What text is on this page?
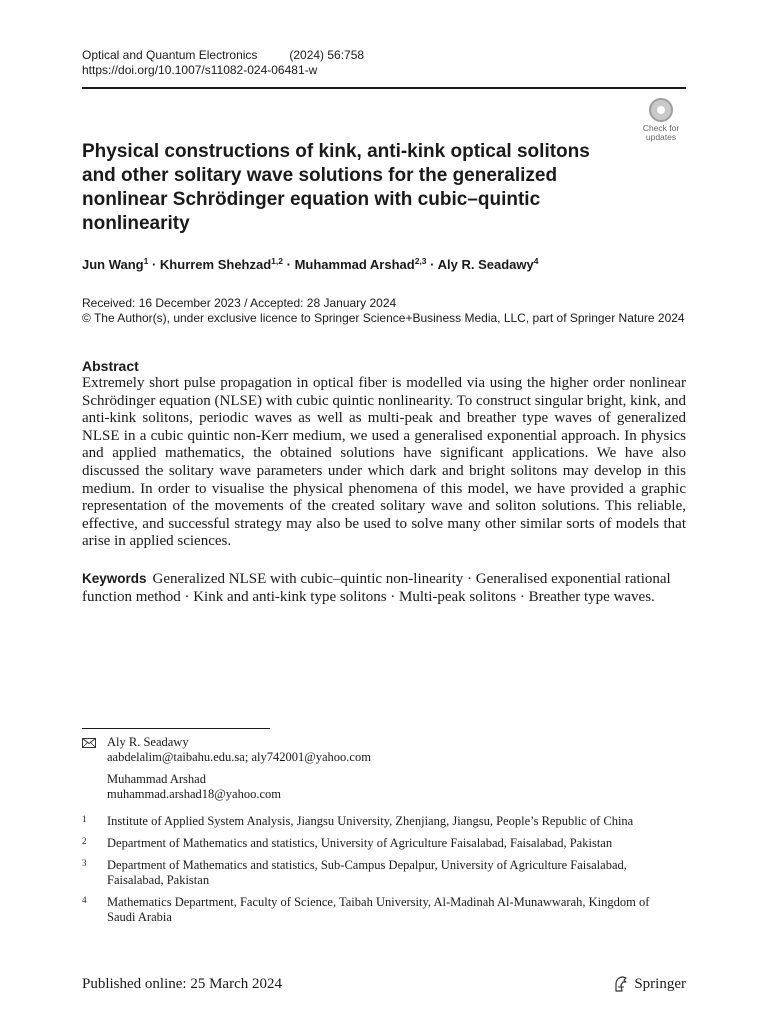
Optical and Quantum Electronics	(2024) 56:758
https://doi.org/10.1007/s11082-024-06481-w
Check for
updates
Physical constructions of kink, anti-kink optical solitons and other solitary wave solutions for the generalized nonlinear Schrödinger equation with cubic–quintic nonlinearity
Jun Wang$^1$ · Khurrem Shehzad$^{1,2}$ · Muhammad Arshad$^{2,3}$ · Aly R. Seadawy$^4$
Received: 16 December 2023 / Accepted: 28 January 2024
© The Author(s), under exclusive licence to Springer Science+Business Media, LLC, part of Springer Nature 2024
Abstract

Extremely short pulse propagation in optical fiber is modelled via using the higher order nonlinear Schrödinger equation (NLSE) with cubic quintic nonlinearity. To construct singular bright, kink, and anti-kink solitons, periodic waves as well as multi-peak and breather type waves of generalized NLSE in a cubic quintic non-Kerr medium, we used a generalised exponential approach. In physics and applied mathematics, the obtained solutions have significant applications. We have also discussed the solitary wave parameters under which dark and bright solitons may develop in this medium. In order to visualise the physical phenomena of this model, we have provided a graphic representation of the movements of the created solitary wave and soliton solutions. This reliable, effective, and successful strategy may also be used to solve many other similar sorts of models that arise in applied sciences.

Keywords Generalized NLSE with cubic–quintic non-linearity · Generalised exponential rational function method · Kink and anti-kink type solitons · Multi-peak solitons · Breather type waves.

Aly R. Seadawy
aabdelalim@taibahu.edu.sa; aly742001@yahoo.com
Muhammad Arshad
muhammad.arshad18@yahoo.com
1 Institute of Applied System Analysis, Jiangsu University, Zhenjiang, Jiangsu, People’s Republic of China
2 Department of Mathematics and statistics, University of Agriculture Faisalabad, Faisalabad, Pakistan
3 Department of Mathematics and statistics, Sub-Campus Depalpur, University of Agriculture Faisalabad, Faisalabad, Pakistan
4 Mathematics Department, Faculty of Science, Taibah University, Al-Madinah Al-Munawwarah, Kingdom of Saudi Arabia
Published online: 25 March 2024	Springer
